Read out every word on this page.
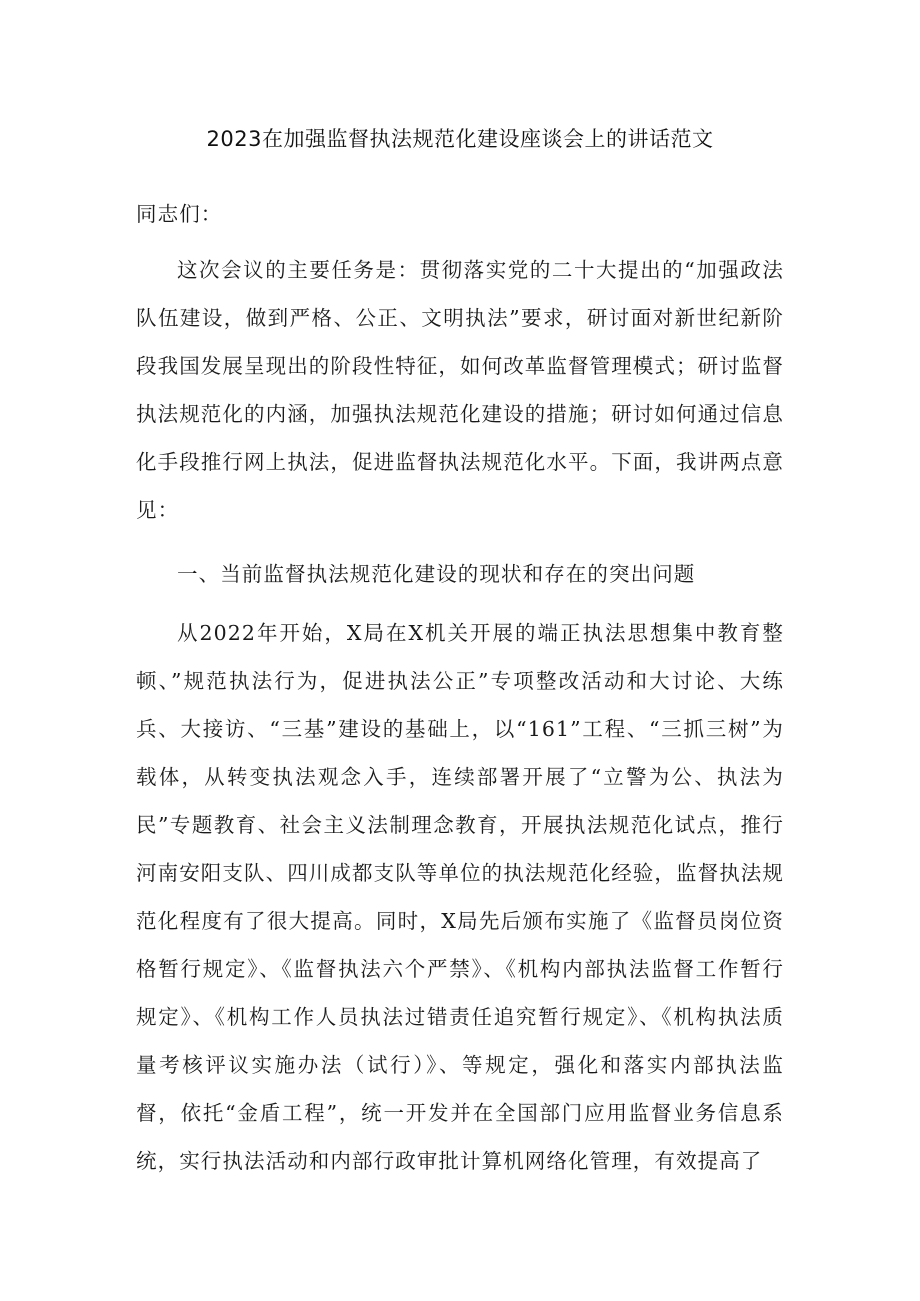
2023在加强监督执法规范化建设座谈会上的讲话范文

同志们：

这次会议的主要任务是：贯彻落实党的二十大提出的“加强政法队伍建设，做到严格、公正、文明执法”要求，研讨面对新世纪新阶段我国发展呈现出的阶段性特征，如何改革监督管理模式；研讨监督执法规范化的内涵，加强执法规范化建设的措施；研讨如何通过信息化手段推行网上执法，促进监督执法规范化水平。下面，我讲两点意见：

一、当前监督执法规范化建设的现状和存在的突出问题

从2022年开始，X局在X机关开展的端正执法思想集中教育整顿、”规范执法行为，促进执法公正”专项整改活动和大讨论、大练兵、大接访、“三基”建设的基础上，以“161”工程、“三抓三树”为载体，从转变执法观念入手，连续部署开展了“立警为公、执法为民”专题教育、社会主义法制理念教育，开展执法规范化试点，推行河南安阳支队、四川成都支队等单位的执法规范化经验，监督执法规范化程度有了很大提高。同时，X局先后颁布实施了《监督员岗位资格暂行规定》、《监督执法六个严禁》、《机构内部执法监督工作暂行规定》、《机构工作人员执法过错责任追究暂行规定》、《机构执法质量考核评议实施办法（试行）》、等规定，强化和落实内部执法监督，依托“金盾工程”，统一开发并在全国部门应用监督业务信息系统，实行执法活动和内部行政审批计算机网络化管理，有效提高了
